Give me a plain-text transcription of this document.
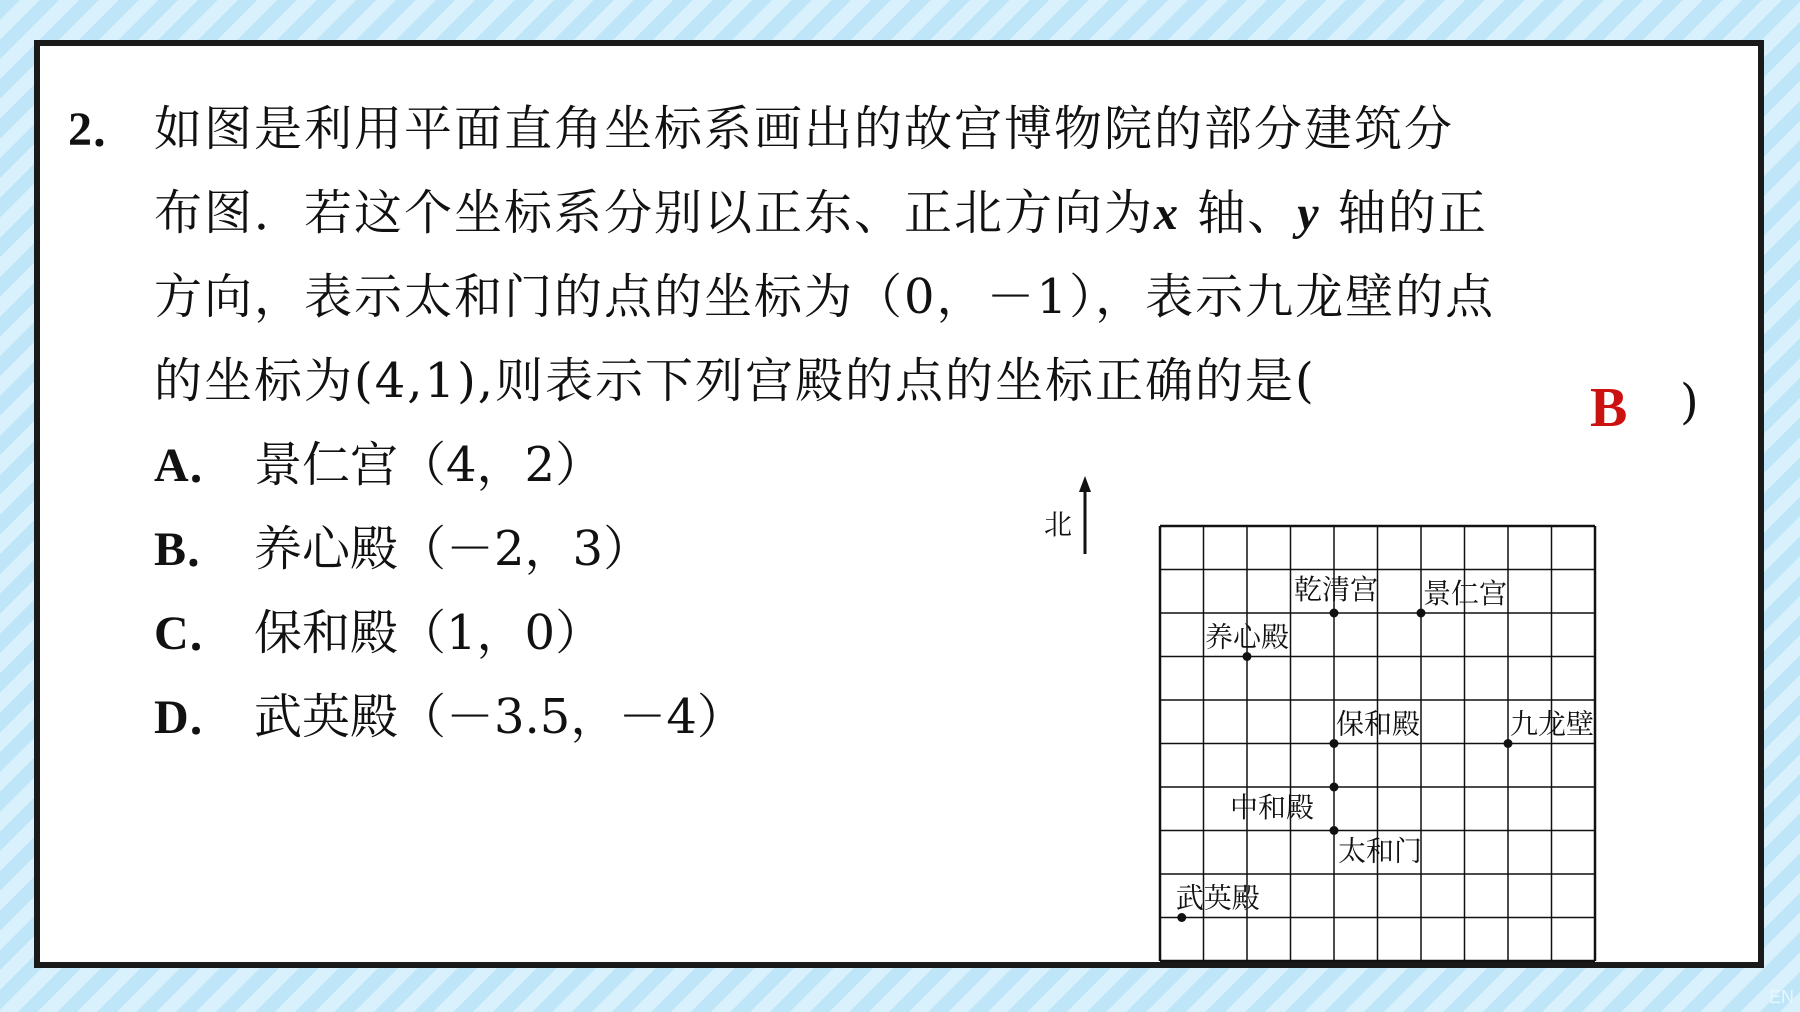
2． 如图是利用平面直角坐标系画出的故宫博物院的部分建筑分
布图．若这个坐标系分别以正东、正北方向为x 轴、y 轴的正
方向，表示太和门的点的坐标为（0，－1），表示九龙壁的点
的坐标为(4,1),则表示下列宫殿的点的坐标正确的是(	B )
A． 景仁宫（4，2）
B． 养心殿（－2，3）
C． 保和殿（1，0）
D． 武英殿（－3.5，－4）
北
乾清宫 景仁宫
养心殿
保和殿	九龙壁
中和殿
太和门
武英殿
EN
